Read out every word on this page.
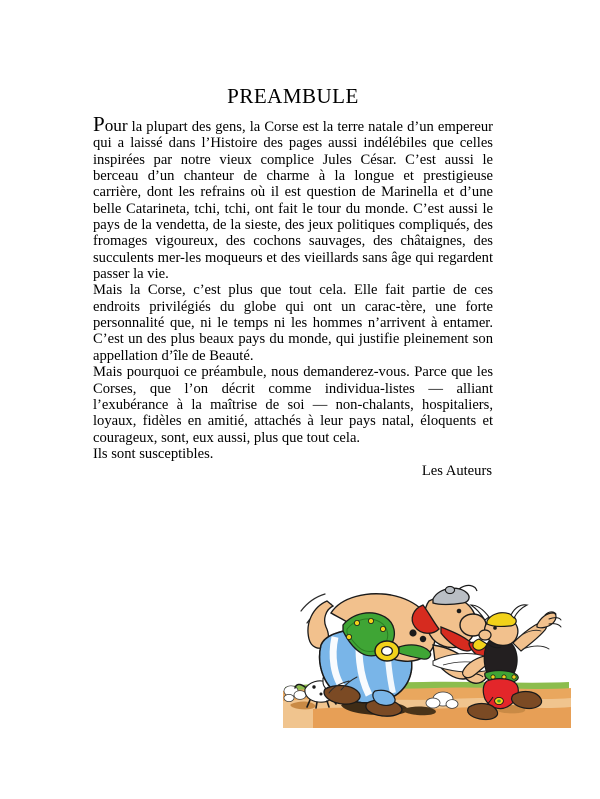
PREAMBULE

Pour la plupart des gens, la Corse est la terre natale d’un empereur qui a laissé dans l’Histoire des pages aussi indélébiles que celles inspirées par notre vieux complice Jules César. C’est aussi le berceau d’un chanteur de charme à la longue et prestigieuse carrière, dont les refrains où il est question de Marinella et d’une belle Catarineta, tchi, tchi, ont fait le tour du monde. C’est aussi le pays de la vendetta, de la sieste, des jeux politiques compliqués, des fromages vigoureux, des cochons sauvages, des châtaignes, des succulents mer-les moqueurs et des vieillards sans âge qui regardent passer la vie.

Mais la Corse, c’est plus que tout cela. Elle fait partie de ces endroits privilégiés du globe qui ont un carac-tère, une forte personnalité que, ni le temps ni les hommes n’arrivent à entamer. C’est un des plus beaux pays du monde, qui justifie pleinement son appellation d’île de Beauté.

Mais pourquoi ce préambule, nous demanderez-vous. Parce que les Corses, que l’on décrit comme individua-listes — alliant l’exubérance à la maîtrise de soi — non-chalants, hospitaliers, loyaux, fidèles en amitié, attachés à leur pays natal, éloquents et courageux, sont, eux aussi, plus que tout cela.

Ils sont susceptibles.

Les Auteurs
